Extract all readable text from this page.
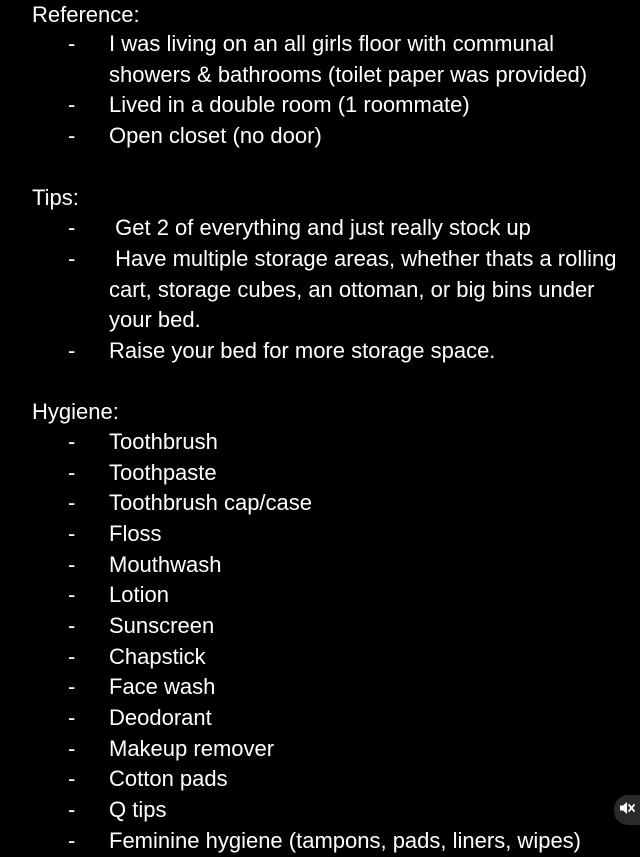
Reference:
- I was living on an all girls floor with communal showers & bathrooms (toilet paper was provided)
- Lived in a double room (1 roommate)
- Open closet (no door)
Tips:
- Get 2 of everything and just really stock up
- Have multiple storage areas, whether thats a rolling cart, storage cubes, an ottoman, or big bins under your bed.
- Raise your bed for more storage space.
Hygiene:
- Toothbrush
- Toothpaste
- Toothbrush cap/case
- Floss
- Mouthwash
- Lotion
- Sunscreen
- Chapstick
- Face wash
- Deodorant
- Makeup remover
- Cotton pads
- Q tips
- Feminine hygiene (tampons, pads, liners, wipes)
